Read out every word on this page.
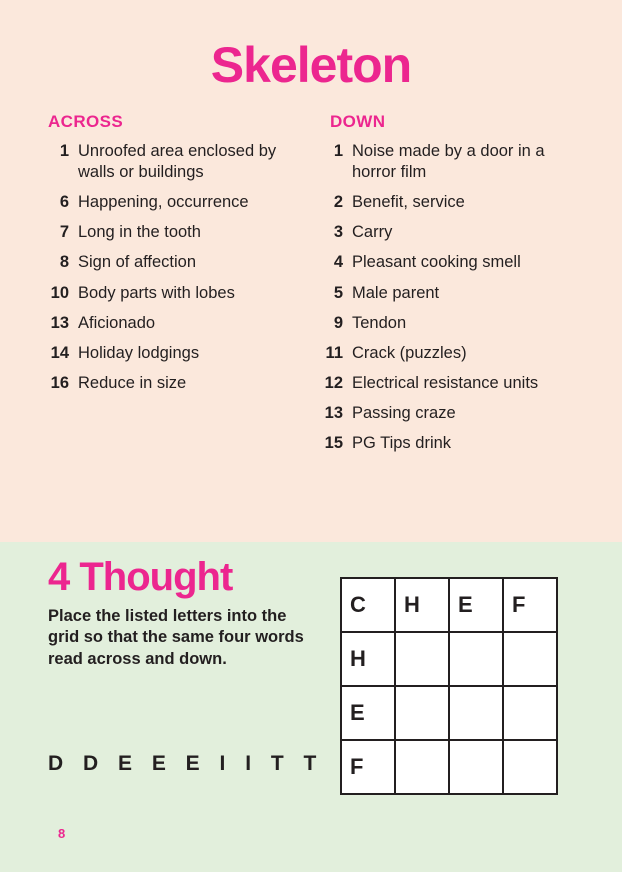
Skeleton
ACROSS
1 Unroofed area enclosed by walls or buildings
6 Happening, occurrence
7 Long in the tooth
8 Sign of affection
10 Body parts with lobes
13 Aficionado
14 Holiday lodgings
16 Reduce in size
DOWN
1 Noise made by a door in a horror film
2 Benefit, service
3 Carry
4 Pleasant cooking smell
5 Male parent
9 Tendon
11 Crack (puzzles)
12 Electrical resistance units
13 Passing craze
15 PG Tips drink
4 Thought

Place the listed letters into the grid so that the same four words read across and down.

D D E E E I I T T
8
C	H	E	F
H			
E			
F			
